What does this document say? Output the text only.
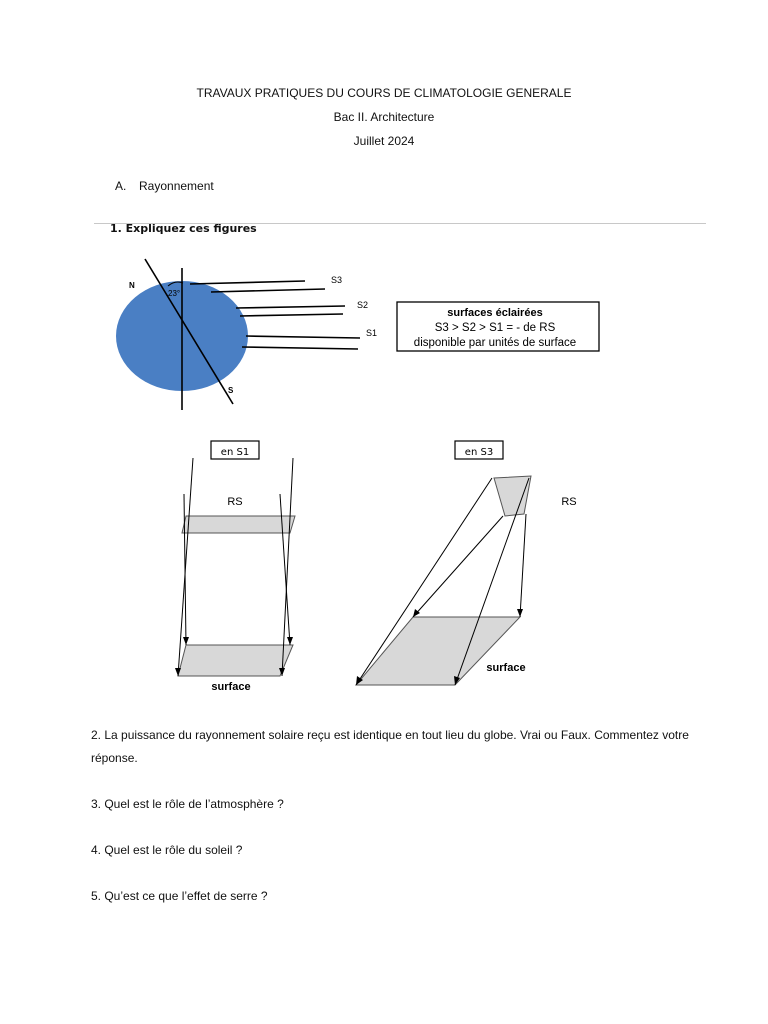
TRAVAUX PRATIQUES DU COURS DE CLIMATOLOGIE GENERALE
Bac II. Architecture
Juillet 2024
A. Rayonnement
1. Expliquez ces figures
N
S
23°
S3
S2
S1
surfaces éclairées
S3 > S2 > S1 = - de RS
disponible par unités de surface
en S1
RS
surface
en S3
RS
surface
2. La puissance du rayonnement solaire reçu est identique en tout lieu du globe. Vrai ou Faux. Commentez votre réponse.
3. Quel est le rôle de l’atmosphère ?
4. Quel est le rôle du soleil ?
5. Qu’est ce que l’effet de serre ?
